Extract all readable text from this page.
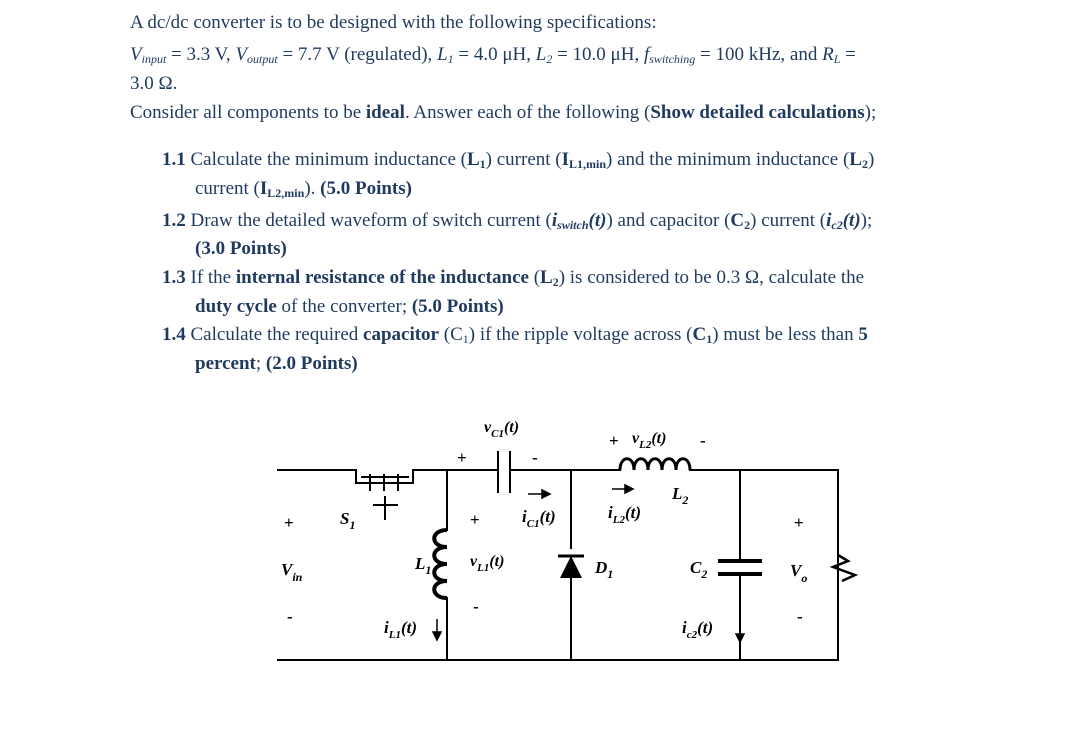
A dc/dc converter is to be designed with the following specifications:
$V_{input} = 3.3$ V, $V_{output} = 7.7$ V (regulated), $L_1 = 4.0$ μH, $L_2 = 10.0$ μH, $f_{switching} = 100$ kHz, and $R_L$ =
3.0 Ω.
Consider all components to be ideal. Answer each of the following (Show detailed calculations);
1.1 Calculate the minimum inductance $(L_1)$ current $(I_{L1,min})$ and the minimum inductance $(L_2)$
current $(I_{L2,min})$. (5.0 Points)
1.2 Draw the detailed waveform of switch current $(i_{switch}(t))$ and capacitor $(C_2)$ current $(i_{c2}(t))$;
(3.0 Points)
1.3 If the internal resistance of the inductance $(L_2)$ is considered to be 0.3 Ω, calculate the
duty cycle of the converter; (5.0 Points)
1.4 Calculate the required capacitor $(C_1)$ if the ripple voltage across $(C_1)$ must be less than 5
percent; (2.0 Points)
+
-
$V_{in}$
$S_1$
$L_1$
$i_{L1}(t)$
$v_{C1}(t)$
+	-
$i_{C1}(t)$
+
-
$v_{L1}(t)$
+ $v_{L2}(t)$ -
$i_{L2}(t)$
$L_2$
$D_1$	$C_2$
$i_{c2}(t)$
+
$V_o$
-
